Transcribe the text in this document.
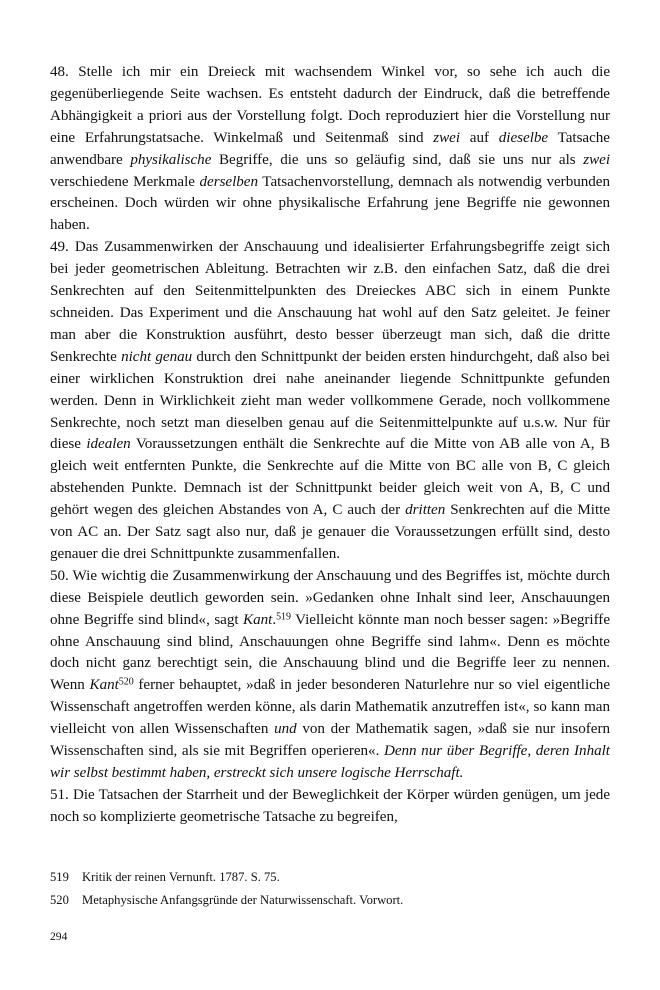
48. Stelle ich mir ein Dreieck mit wachsendem Winkel vor, so sehe ich auch die gegenüberliegende Seite wachsen. Es entsteht dadurch der Eindruck, daß die betreffende Abhängigkeit a priori aus der Vorstellung folgt. Doch reproduziert hier die Vorstellung nur eine Erfahrungstatsache. Winkelmaß und Seitenmaß sind zwei auf dieselbe Tatsache anwendbare physikalische Begriffe, die uns so geläufig sind, daß sie uns nur als zwei verschiedene Merkmale derselben Tatsachenvorstellung, demnach als notwendig verbunden erscheinen. Doch würden wir ohne physikalische Erfahrung jene Begriffe nie gewonnen haben.

49. Das Zusammenwirken der Anschauung und idealisierter Erfahrungsbegriffe zeigt sich bei jeder geometrischen Ableitung. Betrachten wir z.B. den einfachen Satz, daß die drei Senkrechten auf den Seitenmittelpunkten des Dreieckes ABC sich in einem Punkte schneiden. Das Experiment und die Anschauung hat wohl auf den Satz geleitet. Je feiner man aber die Konstruktion ausführt, desto besser überzeugt man sich, daß die dritte Senkrechte nicht genau durch den Schnittpunkt der beiden ersten hindurchgeht, daß also bei einer wirklichen Konstruktion drei nahe aneinander liegende Schnittpunkte gefunden werden. Denn in Wirklichkeit zieht man weder vollkommene Gerade, noch vollkommene Senkrechte, noch setzt man dieselben genau auf die Seitenmittelpunkte auf u.s.w. Nur für diese idealen Voraussetzungen enthält die Senkrechte auf die Mitte von AB alle von A, B gleich weit entfernten Punkte, die Senkrechte auf die Mitte von BC alle von B, C gleich abstehenden Punkte. Demnach ist der Schnittpunkt beider gleich weit von A, B, C und gehört wegen des gleichen Abstandes von A, C auch der dritten Senkrechten auf die Mitte von AC an. Der Satz sagt also nur, daß je genauer die Voraussetzungen erfüllt sind, desto genauer die drei Schnittpunkte zusammenfallen.

50. Wie wichtig die Zusammenwirkung der Anschauung und des Begriffes ist, möchte durch diese Beispiele deutlich geworden sein. »Gedanken ohne Inhalt sind leer, Anschauungen ohne Begriffe sind blind«, sagt Kant.$^{519}$ Vielleicht könnte man noch besser sagen: »Begriffe ohne Anschauung sind blind, Anschauungen ohne Begriffe sind lahm«. Denn es möchte doch nicht ganz berechtigt sein, die Anschauung blind und die Begriffe leer zu nennen. Wenn Kant$^{520}$ ferner behauptet, »daß in jeder besonderen Naturlehre nur so viel eigentliche Wissenschaft angetroffen werden könne, als darin Mathematik anzutreffen ist«, so kann man vielleicht von allen Wissenschaften und von der Mathematik sagen, »daß sie nur insofern Wissenschaften sind, als sie mit Begriffen operieren«. Denn nur über Begriffe, deren Inhalt wir selbst bestimmt haben, erstreckt sich unsere logische Herrschaft.

51. Die Tatsachen der Starrheit und der Beweglichkeit der Körper würden genügen, um jede noch so komplizierte geometrische Tatsache zu begreifen,

519 Kritik der reinen Vernunft. 1787. S. 75.

520 Metaphysische Anfangsgründe der Naturwissenschaft. Vorwort.

294
